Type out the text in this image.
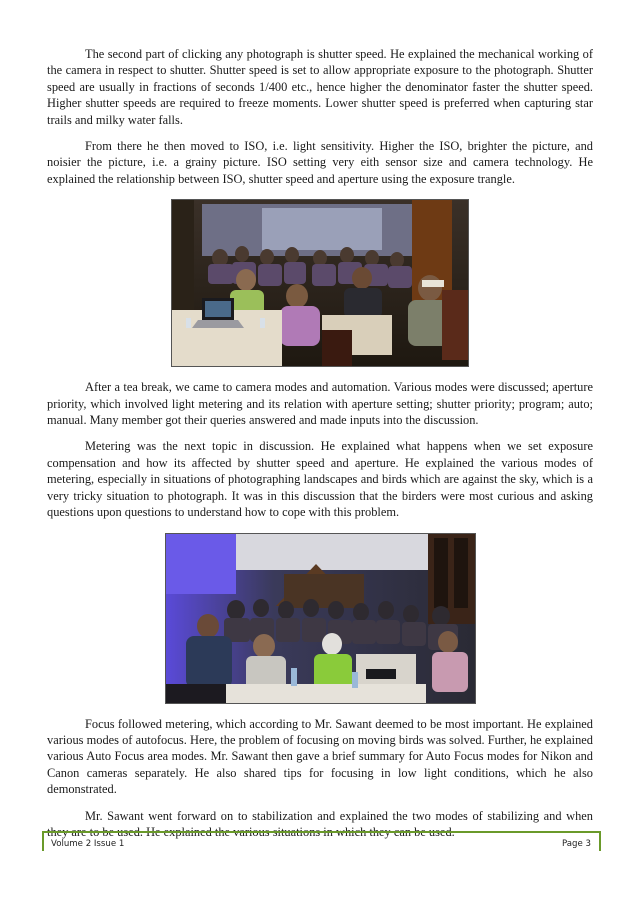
The second part of clicking any photograph is shutter speed. He explained the mechanical working of the camera in respect to shutter. Shutter speed is set to allow appropriate exposure to the photograph. Shutter speed are usually in fractions of seconds 1/400 etc., hence higher the denominator faster the shutter speed. Higher shutter speeds are required to freeze moments. Lower shutter speed is preferred when capturing star trails and milky water falls.

From there he then moved to ISO, i.e. light sensitivity. Higher the ISO, brighter the picture, and noisier the picture, i.e. a grainy picture. ISO setting very eith sensor size and camera technology. He explained the relationship between ISO, shutter speed and aperture using the exposure trangle.

After a tea break, we came to camera modes and automation. Various modes were discussed; aperture priority, which involved light metering and its relation with aperture setting; shutter priority; program; auto; manual. Many member got their queries answered and made inputs into the discussion.

Metering was the next topic in discussion. He explained what happens when we set exposure compensation and how its affected by shutter speed and aperture. He explained the various modes of metering, especially in situations of photographing landscapes and birds which are against the sky, which is a very tricky situation to photograph. It was in this discussion that the birders were most curious and asking questions upon questions to understand how to cope with this problem.

Focus followed metering, which according to Mr. Sawant deemed to be most important. He explained various modes of autofocus. Here, the problem of focusing on moving birds was solved. Further, he explained various Auto Focus area modes. Mr. Sawant then gave a brief summary for Auto Focus modes for Nikon and Canon cameras separately. He also shared tips for focusing in low light conditions, which he also demonstrated.

Mr. Sawant went forward on to stabilization and explained the two modes of stabilizing and when they are to be used. He explained the various situations in which they can be used.

Volume 2 Issue 1	Page 3
